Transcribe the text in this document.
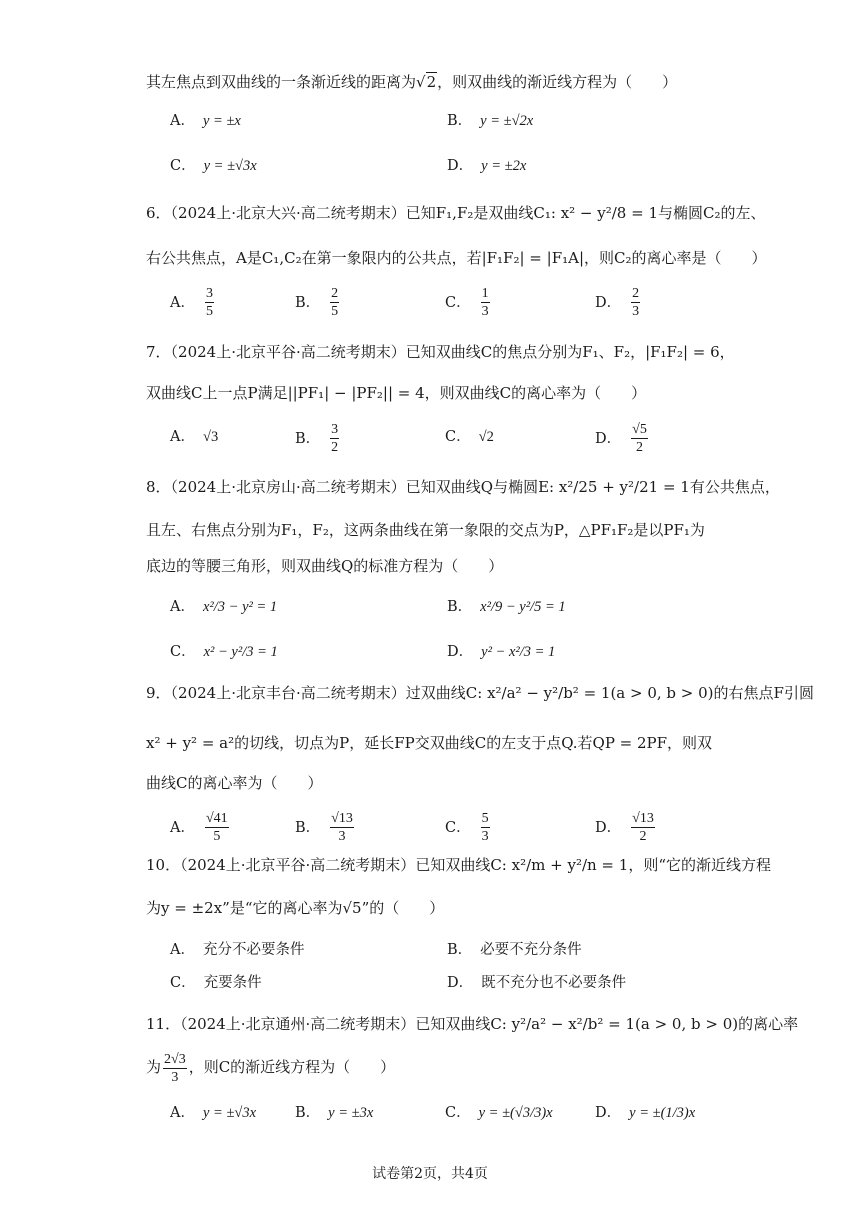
其左焦点到双曲线的一条渐近线的距离为√2，则双曲线的渐近线方程为（　　）
A． y = ±x	B． y = ±√2x
C． y = ±√3x	D． y = ±2x
6．（2024上·北京大兴·高二统考期末）已知F₁,F₂是双曲线C₁: x² − y²/8 = 1与椭圆C₂的左、
右公共焦点，A是C₁,C₂在第一象限内的公共点，若|F₁F₂| = |F₁A|，则C₂的离心率是（　　）
A． $\frac{3}{5}$	B． $\frac{2}{5}$	C． $\frac{1}{3}$	D． $\frac{2}{3}$
7．（2024上·北京平谷·高二统考期末）已知双曲线C的焦点分别为F₁、F₂，|F₁F₂| = 6，
双曲线C上一点P满足||PF₁| − |PF₂|| = 4，则双曲线C的离心率为（　　）
A． √3	B． $\frac{3}{2}$	C． √2	D． $\frac{√5}{2}$
8．（2024上·北京房山·高二统考期末）已知双曲线Q与椭圆E: x²/25 + y²/21 = 1有公共焦点，
且左、右焦点分别为F₁，F₂，这两条曲线在第一象限的交点为P，△PF₁F₂是以PF₁为
底边的等腰三角形，则双曲线Q的标准方程为（　　）
A． x²/3 − y² = 1	B． x²/9 − y²/5 = 1
C． x² − y²/3 = 1	D． y² − x²/3 = 1
9．（2024上·北京丰台·高二统考期末）过双曲线C: x²/a² − y²/b² = 1(a > 0, b > 0)的右焦点F引圆
x² + y² = a²的切线，切点为P，延长FP交双曲线C的左支于点Q.若QP = 2PF，则双
曲线C的离心率为（　　）
A． $\frac{√41}{5}$	B． $\frac{√13}{3}$	C． $\frac{5}{3}$	D． $\frac{√13}{2}$
10．（2024上·北京平谷·高二统考期末）已知双曲线C: x²/m + y²/n = 1，则“它的渐近线方程
为y = ±2x”是“它的离心率为√5”的（　　）
A． 充分不必要条件	B． 必要不充分条件
C． 充要条件	D． 既不充分也不必要条件
11．（2024上·北京通州·高二统考期末）已知双曲线C: y²/a² − x²/b² = 1(a > 0, b > 0)的离心率
为 $\frac{2√3}{3}$ ，则C的渐近线方程为（　　）
A． y = ±√3x	B． y = ±3x	C． y = ±(√3/3)x	D． y = ±(1/3)x
试卷第2页，共4页
